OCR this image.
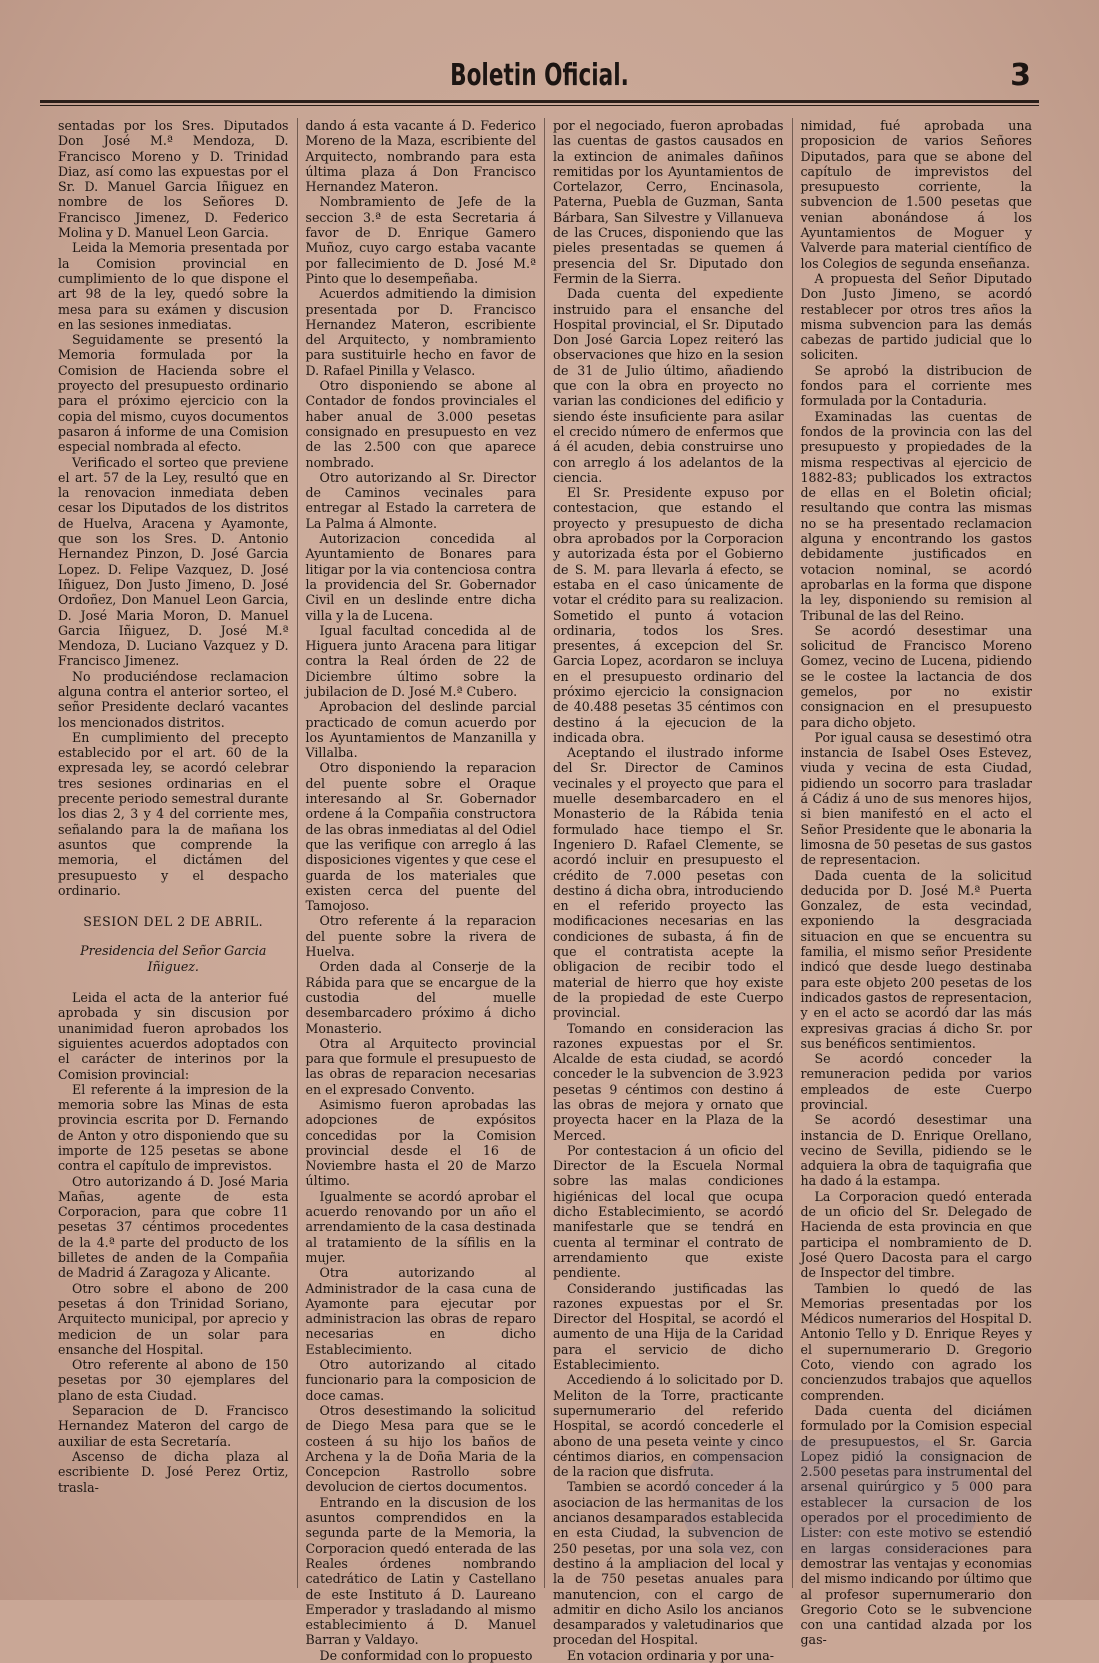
Boletin Oficial.	3

sentadas por los Sres. Diputados Don José M.ª Mendoza, D. Francisco Moreno y D. Trinidad Diaz, así como las expuestas por el Sr. D. Manuel Garcia Iñiguez en nombre de los Señores D. Francisco Jimenez, D. Federico Molina y D. Manuel Leon Garcia.

Leida la Memoria presentada por la Comision provincial en cumplimiento de lo que dispone el art 98 de la ley, quedó sobre la mesa para su exámen y discusion en las sesiones inmediatas.

Seguidamente se presentó la Memoria formulada por la Comision de Hacienda sobre el proyecto del presupuesto ordinario para el próximo ejercicio con la copia del mismo, cuyos documentos pasaron á informe de una Comision especial nombrada al efecto.

Verificado el sorteo que previene el art. 57 de la Ley, resultó que en la renovacion inmediata deben cesar los Diputados de los distritos de Huelva, Aracena y Ayamonte, que son los Sres. D. Antonio Hernandez Pinzon, D. José Garcia Lopez. D. Felipe Vazquez, D. José Iñiguez, Don Justo Jimeno, D. José Ordoñez, Don Manuel Leon Garcia, D. José Maria Moron, D. Manuel Garcia Iñiguez, D. José M.ª Mendoza, D. Luciano Vazquez y D. Francisco Jimenez.

No produciéndose reclamacion alguna contra el anterior sorteo, el señor Presidente declaró vacantes los mencionados distritos.

En cumplimiento del precepto establecido por el art. 60 de la expresada ley, se acordó celebrar tres sesiones ordinarias en el precente periodo semestral durante los dias 2, 3 y 4 del corriente mes, señalando para la de mañana los asuntos que comprende la memoria, el dictámen del presupuesto y el despacho ordinario.

SESION DEL 2 DE ABRIL.

Presidencia del Señor Garcia Iñiguez.

Leida el acta de la anterior fué aprobada y sin discusion por unanimidad fueron aprobados los siguientes acuerdos adoptados con el carácter de interinos por la Comision provincial:

El referente á la impresion de la memoria sobre las Minas de esta provincia escrita por D. Fernando de Anton y otro disponiendo que su importe de 125 pesetas se abone contra el capítulo de imprevistos.

Otro autorizando á D. José Maria Mañas, agente de esta Corporacion, para que cobre 11 pesetas 37 céntimos procedentes de la 4.ª parte del producto de los billetes de anden de la Compañia de Madrid á Zaragoza y Alicante.

Otro sobre el abono de 200 pesetas á don Trinidad Soriano, Arquitecto municipal, por aprecio y medicion de un solar para ensanche del Hospital.

Otro referente al abono de 150 pesetas por 30 ejemplares del plano de esta Ciudad.

Separacion de D. Francisco Hernandez Materon del cargo de auxiliar de esta Secretaría.

Ascenso de dicha plaza al escribiente D. José Perez Ortiz, trasla-

dando á esta vacante á D. Federico Moreno de la Maza, escribiente del Arquitecto, nombrando para esta última plaza á Don Francisco Hernandez Materon.

Nombramiento de Jefe de la seccion 3.ª de esta Secretaria á favor de D. Enrique Gamero Muñoz, cuyo cargo estaba vacante por fallecimiento de D. José M.ª Pinto que lo desempeñaba.

Acuerdos admitiendo la dimision presentada por D. Francisco Hernandez Materon, escribiente del Arquitecto, y nombramiento para sustituirle hecho en favor de D. Rafael Pinilla y Velasco.

Otro disponiendo se abone al Contador de fondos provinciales el haber anual de 3.000 pesetas consignado en presupuesto en vez de las 2.500 con que aparece nombrado.

Otro autorizando al Sr. Director de Caminos vecinales para entregar al Estado la carretera de La Palma á Almonte.

Autorizacion concedida al Ayuntamiento de Bonares para litigar por la via contenciosa contra la providencia del Sr. Gobernador Civil en un deslinde entre dicha villa y la de Lucena.

Igual facultad concedida al de Higuera junto Aracena para litigar contra la Real órden de 22 de Diciembre último sobre la jubilacion de D. José M.ª Cubero.

Aprobacion del deslinde parcial practicado de comun acuerdo por los Ayuntamientos de Manzanilla y Villalba.

Otro disponiendo la reparacion del puente sobre el Oraque interesando al Sr. Gobernador ordene á la Compañia constructora de las obras inmediatas al del Odiel que las verifique con arreglo á las disposiciones vigentes y que cese el guarda de los materiales que existen cerca del puente del Tamojoso.

Otro referente á la reparacion del puente sobre la rivera de Huelva.

Orden dada al Conserje de la Rábida para que se encargue de la custodia del muelle desembarcadero próximo á dicho Monasterio.

Otra al Arquitecto provincial para que formule el presupuesto de las obras de reparacion necesarias en el expresado Convento.

Asimismo fueron aprobadas las adopciones de expósitos concedidas por la Comision provincial desde el 16 de Noviembre hasta el 20 de Marzo último.

Igualmente se acordó aprobar el acuerdo renovando por un año el arrendamiento de la casa destinada al tratamiento de la sífilis en la mujer.

Otra autorizando al Administrador de la casa cuna de Ayamonte para ejecutar por administracion las obras de reparo necesarias en dicho Establecimiento.

Otro autorizando al citado funcionario para la composicion de doce camas.

Otros desestimando la solicitud de Diego Mesa para que se le costeen á su hijo los baños de Archena y la de Doña Maria de la Concepcion Rastrollo sobre devolucion de ciertos documentos.

Entrando en la discusion de los asuntos comprendidos en la segunda parte de la Memoria, la Corporacion quedó enterada de las Reales órdenes nombrando catedrático de Latin y Castellano de este Instituto á D. Laureano Emperador y trasladando al mismo establecimiento á D. Manuel Barran y Valdayo.

De conformidad con lo propuesto

por el negociado, fueron aprobadas las cuentas de gastos causados en la extincion de animales dañinos remitidas por los Ayuntamientos de Cortelazor, Cerro, Encinasola, Paterna, Puebla de Guzman, Santa Bárbara, San Silvestre y Villanueva de las Cruces, disponiendo que las pieles presentadas se quemen á presencia del Sr. Diputado don Fermin de la Sierra.

Dada cuenta del expediente instruido para el ensanche del Hospital provincial, el Sr. Diputado Don José Garcia Lopez reiteró las observaciones que hizo en la sesion de 31 de Julio último, añadiendo que con la obra en proyecto no varian las condiciones del edificio y siendo éste insuficiente para asilar el crecido número de enfermos que á él acuden, debia construirse uno con arreglo á los adelantos de la ciencia.

El Sr. Presidente expuso por contestacion, que estando el proyecto y presupuesto de dicha obra aprobados por la Corporacion y autorizada ésta por el Gobierno de S. M. para llevarla á efecto, se estaba en el caso únicamente de votar el crédito para su realizacion. Sometido el punto á votacion ordinaria, todos los Sres. presentes, á excepcion del Sr. Garcia Lopez, acordaron se incluya en el presupuesto ordinario del próximo ejercicio la consignacion de 40.488 pesetas 35 céntimos con destino á la ejecucion de la indicada obra.

Aceptando el ilustrado informe del Sr. Director de Caminos vecinales y el proyecto que para el muelle desembarcadero en el Monasterio de la Rábida tenia formulado hace tiempo el Sr. Ingeniero D. Rafael Clemente, se acordó incluir en presupuesto el crédito de 7.000 pesetas con destino á dicha obra, introduciendo en el referido proyecto las modificaciones necesarias en las condiciones de subasta, á fin de que el contratista acepte la obligacion de recibir todo el material de hierro que hoy existe de la propiedad de este Cuerpo provincial.

Tomando en consideracion las razones expuestas por el Sr. Alcalde de esta ciudad, se acordó conceder le la subvencion de 3.923 pesetas 9 céntimos con destino á las obras de mejora y ornato que proyecta hacer en la Plaza de la Merced.

Por contestacion á un oficio del Director de la Escuela Normal sobre las malas condiciones higiénicas del local que ocupa dicho Establecimiento, se acordó manifestarle que se tendrá en cuenta al terminar el contrato de arrendamiento que existe pendiente.

Considerando justificadas las razones expuestas por el Sr. Director del Hospital, se acordó el aumento de una Hija de la Caridad para el servicio de dicho Establecimiento.

Accediendo á lo solicitado por D. Meliton de la Torre, practicante supernumerario del referido Hospital, se acordó concederle el abono de una peseta veinte y cinco céntimos diarios, en compensacion de la racion que disfruta.

Tambien se acordó conceder á la asociacion de las hermanitas de los ancianos desamparados establecida en esta Ciudad, la subvencion de 250 pesetas, por una sola vez, con destino á la ampliacion del local y la de 750 pesetas anuales para manutencion, con el cargo de admitir en dicho Asilo los ancianos desamparados y valetudinarios que procedan del Hospital.

En votacion ordinaria y por una-

nimidad, fué aprobada una proposicion de varios Señores Diputados, para que se abone del capítulo de imprevistos del presupuesto corriente, la subvencion de 1.500 pesetas que venian abonándose á los Ayuntamientos de Moguer y Valverde para material científico de los Colegios de segunda enseñanza.

A propuesta del Señor Diputado Don Justo Jimeno, se acordó restablecer por otros tres años la misma subvencion para las demás cabezas de partido judicial que lo soliciten.

Se aprobó la distribucion de fondos para el corriente mes formulada por la Contaduria.

Examinadas las cuentas de fondos de la provincia con las del presupuesto y propiedades de la misma respectivas al ejercicio de 1882-83; publicados los extractos de ellas en el Boletin oficial; resultando que contra las mismas no se ha presentado reclamacion alguna y encontrando los gastos debidamente justificados en votacion nominal, se acordó aprobarlas en la forma que dispone la ley, disponiendo su remision al Tribunal de las del Reino.

Se acordó desestimar una solicitud de Francisco Moreno Gomez, vecino de Lucena, pidiendo se le costee la lactancia de dos gemelos, por no existir consignacion en el presupuesto para dicho objeto.

Por igual causa se desestimó otra instancia de Isabel Oses Estevez, viuda y vecina de esta Ciudad, pidiendo un socorro para trasladar á Cádiz á uno de sus menores hijos, si bien manifestó en el acto el Señor Presidente que le abonaria la limosna de 50 pesetas de sus gastos de representacion.

Dada cuenta de la solicitud deducida por D. José M.ª Puerta Gonzalez, de esta vecindad, exponiendo la desgraciada situacion en que se encuentra su familia, el mismo señor Presidente indicó que desde luego destinaba para este objeto 200 pesetas de los indicados gastos de representacion, y en el acto se acordó dar las más expresivas gracias á dicho Sr. por sus benéficos sentimientos.

Se acordó conceder la remuneracion pedida por varios empleados de este Cuerpo provincial.

Se acordó desestimar una instancia de D. Enrique Orellano, vecino de Sevilla, pidiendo se le adquiera la obra de taquigrafia que ha dado á la estampa.

La Corporacion quedó enterada de un oficio del Sr. Delegado de Hacienda de esta provincia en que participa el nombramiento de D. José Quero Dacosta para el cargo de Inspector del timbre.

Tambien lo quedó de las Memorias presentadas por los Médicos numerarios del Hospital D. Antonio Tello y D. Enrique Reyes y el supernumerario D. Gregorio Coto, viendo con agrado los concienzudos trabajos que aquellos comprenden.

Dada cuenta del diciámen formulado por la Comision especial de presupuestos, el Sr. Garcia Lopez pidió la consignacion de 2.500 pesetas para instrumental del arsenal quirúrgico y 5 000 para establecer la cursacion de los operados por el procedimiento de Lister: con este motivo se estendió en largas consideraciones para demostrar las ventajas y economias del mismo indicando por último que al profesor supernumerario don Gregorio Coto se le subvencione con una cantidad alzada por los gas-
